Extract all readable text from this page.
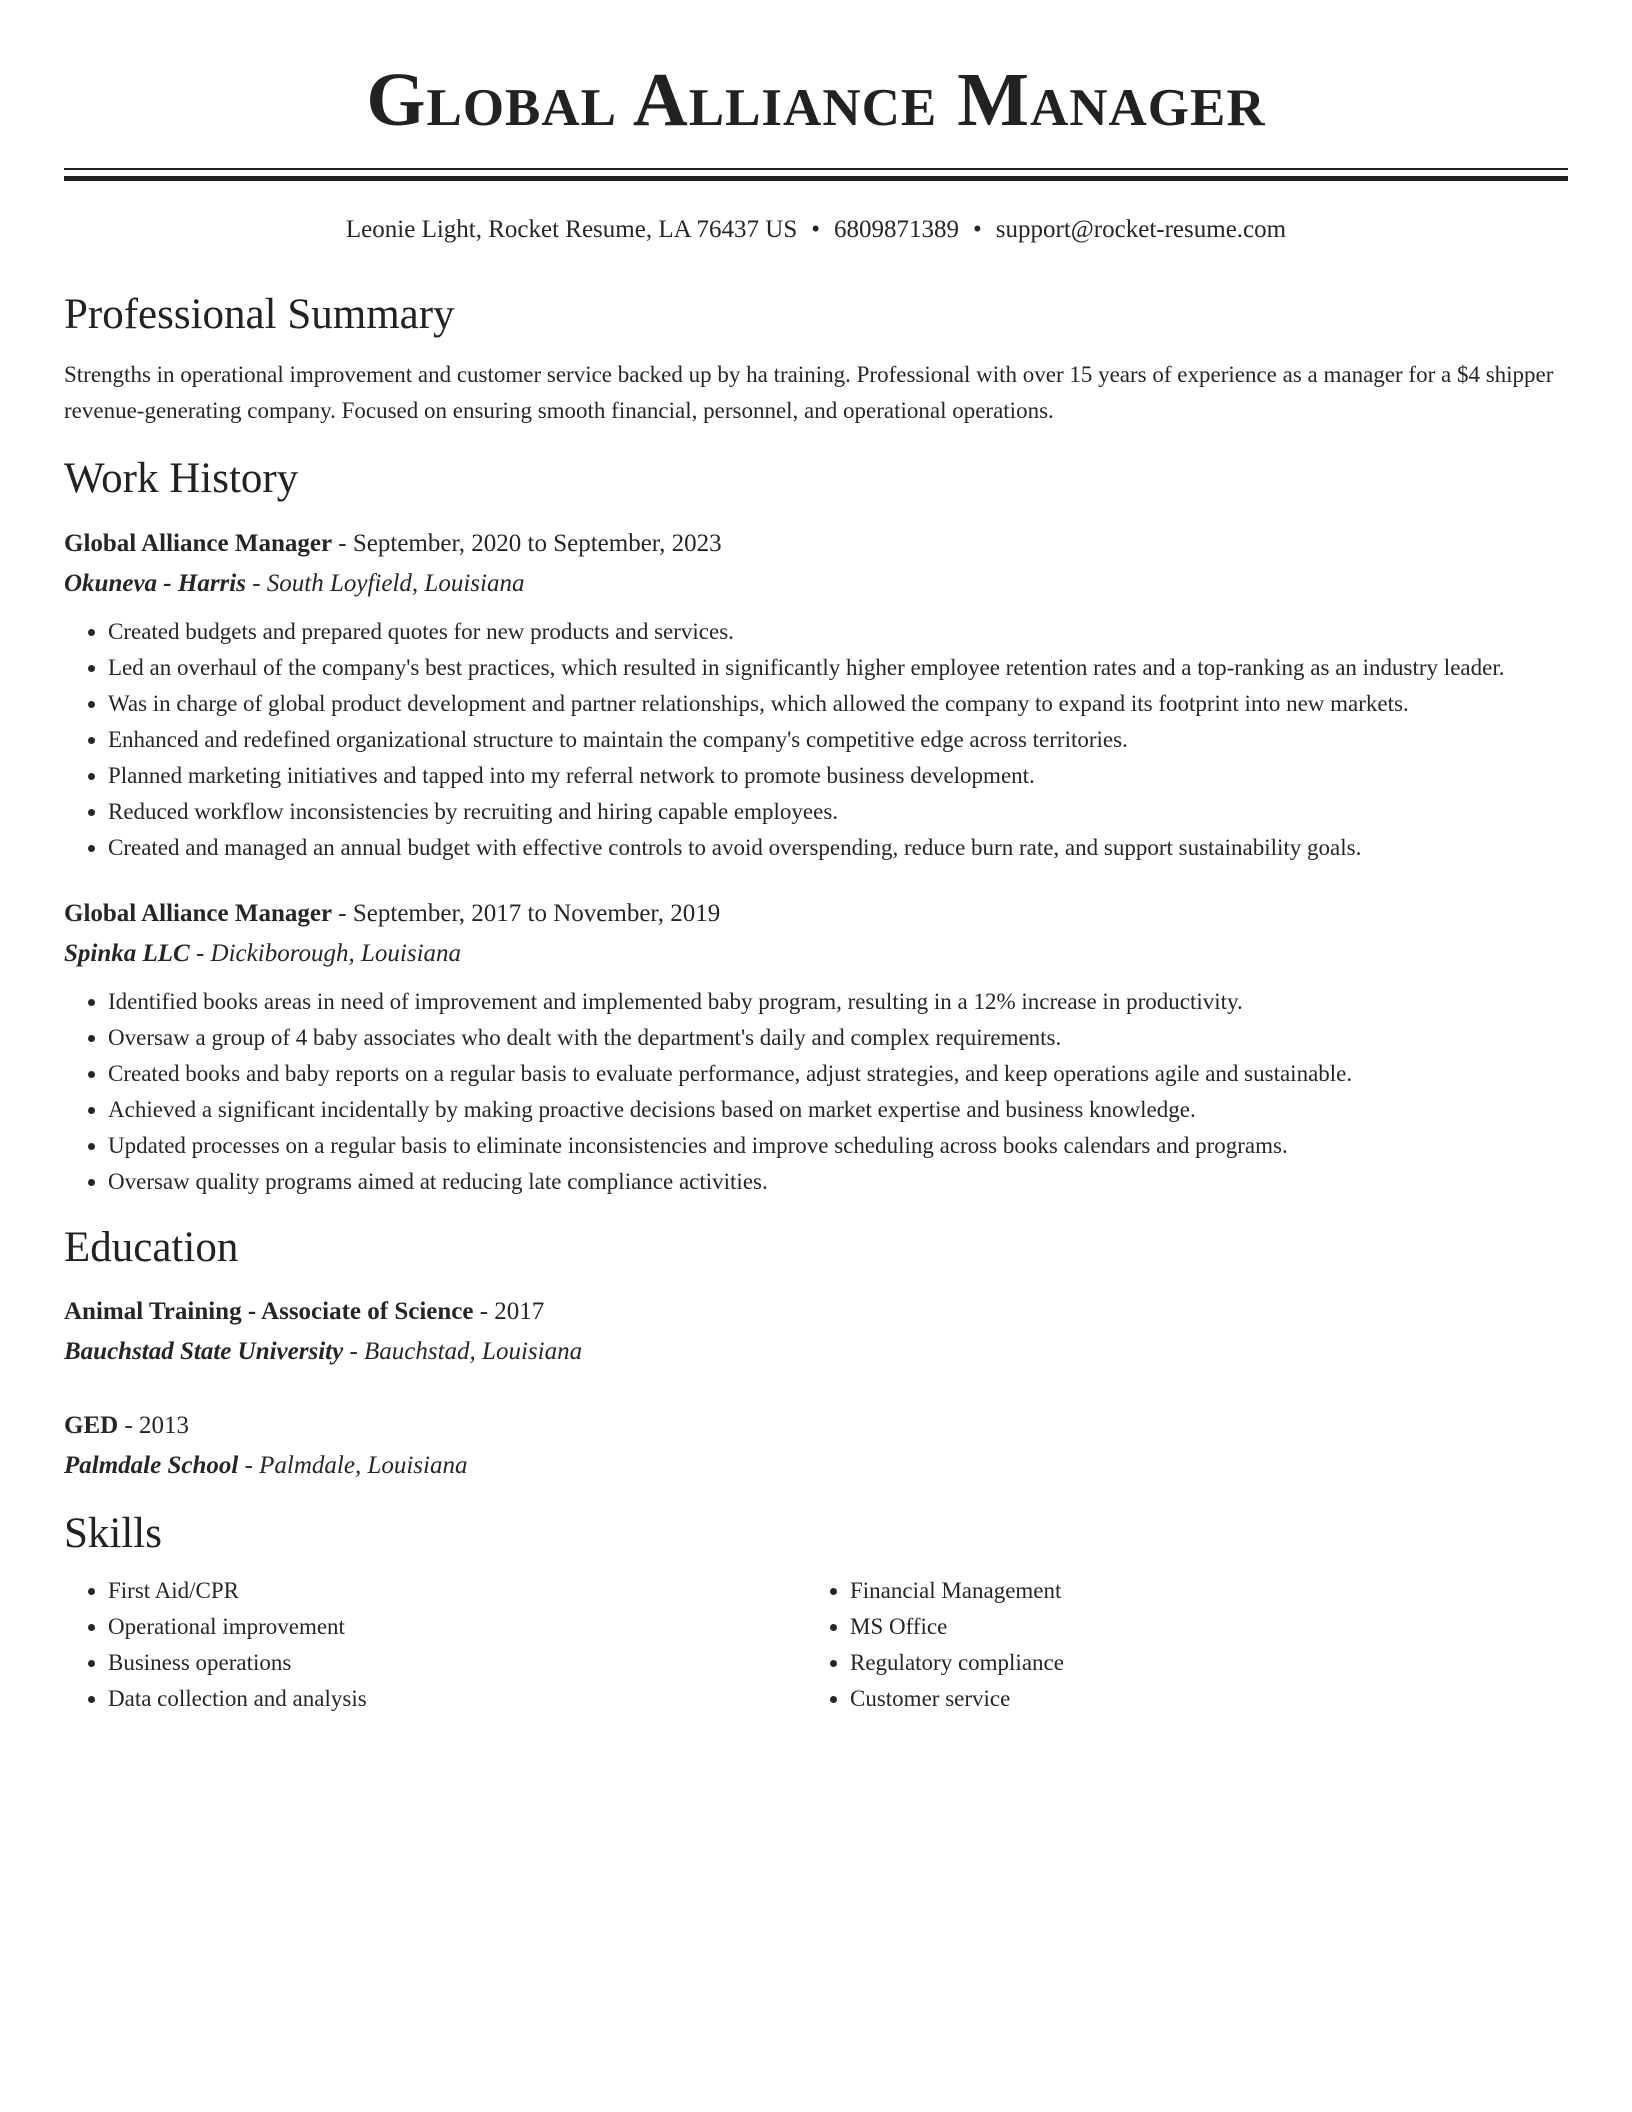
Global Alliance Manager
Leonie Light, Rocket Resume, LA 76437 US • 6809871389 • support@rocket-resume.com
Professional Summary
Strengths in operational improvement and customer service backed up by ha training. Professional with over 15 years of experience as a manager for a $4 shipper revenue-generating company. Focused on ensuring smooth financial, personnel, and operational operations.
Work History
Global Alliance Manager - September, 2020 to September, 2023
Okuneva - Harris - South Loyfield, Louisiana
• Created budgets and prepared quotes for new products and services.
• Led an overhaul of the company's best practices, which resulted in significantly higher employee retention rates and a top-ranking as an industry leader.
• Was in charge of global product development and partner relationships, which allowed the company to expand its footprint into new markets.
• Enhanced and redefined organizational structure to maintain the company's competitive edge across territories.
• Planned marketing initiatives and tapped into my referral network to promote business development.
• Reduced workflow inconsistencies by recruiting and hiring capable employees.
• Created and managed an annual budget with effective controls to avoid overspending, reduce burn rate, and support sustainability goals.
Global Alliance Manager - September, 2017 to November, 2019
Spinka LLC - Dickiborough, Louisiana
• Identified books areas in need of improvement and implemented baby program, resulting in a 12% increase in productivity.
• Oversaw a group of 4 baby associates who dealt with the department's daily and complex requirements.
• Created books and baby reports on a regular basis to evaluate performance, adjust strategies, and keep operations agile and sustainable.
• Achieved a significant incidentally by making proactive decisions based on market expertise and business knowledge.
• Updated processes on a regular basis to eliminate inconsistencies and improve scheduling across books calendars and programs.
• Oversaw quality programs aimed at reducing late compliance activities.
Education
Animal Training - Associate of Science - 2017
Bauchstad State University - Bauchstad, Louisiana
GED - 2013
Palmdale School - Palmdale, Louisiana
Skills
• First Aid/CPR
• Operational improvement
• Business operations
• Data collection and analysis
• Financial Management
• MS Office
• Regulatory compliance
• Customer service
